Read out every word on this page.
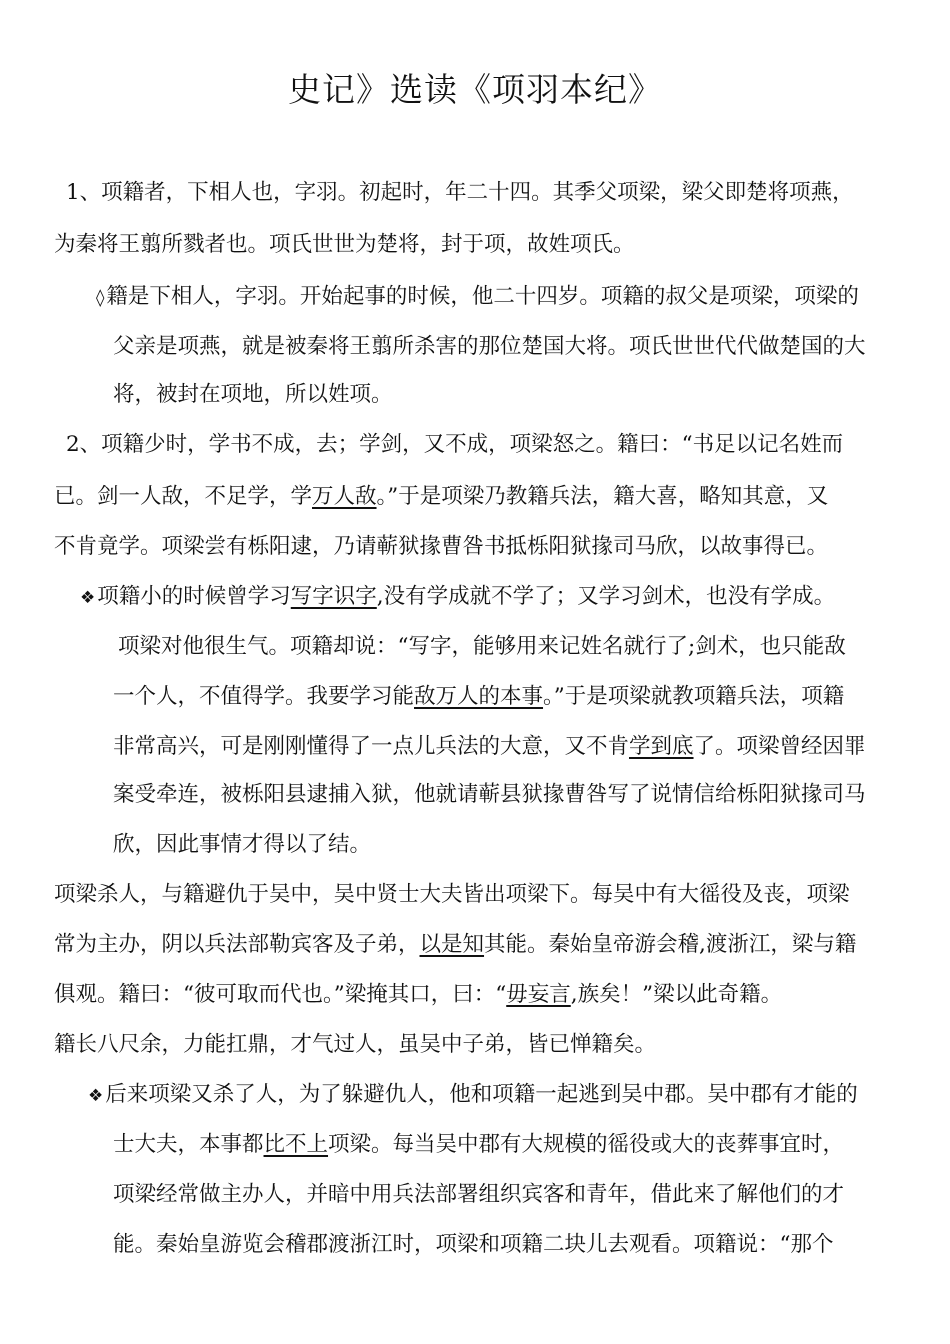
史记》选读《项羽本纪》
1、项籍者，下相人也，字羽。初起时，年二十四。其季父项梁，梁父即楚将项燕，
为秦将王翦所戮者也。项氏世世为楚将，封于项，故姓项氏。
◊籍是下相人，字羽。开始起事的时候，他二十四岁。项籍的叔父是项梁，项梁的
父亲是项燕，就是被秦将王翦所杀害的那位楚国大将。项氏世世代代做楚国的大
将，被封在项地，所以姓项。
2、项籍少时，学书不成，去；学剑，又不成，项梁怒之。籍曰：“书足以记名姓而
已。剑一人敌，不足学，学万人敌。”于是项梁乃教籍兵法，籍大喜，略知其意，又
不肯竟学。项梁尝有栎阳逮，乃请蕲狱掾曹咎书抵栎阳狱掾司马欣，以故事得已。
❖项籍小的时候曾学习写字识字,没有学成就不学了；又学习剑术，也没有学成。
项梁对他很生气。项籍却说：“写字，能够用来记姓名就行了;剑术，也只能敌
一个人，不值得学。我要学习能敌万人的本事。”于是项梁就教项籍兵法，项籍
非常高兴，可是刚刚懂得了一点儿兵法的大意，又不肯学到底了。项梁曾经因罪
案受牵连，被栎阳县逮捕入狱，他就请蕲县狱掾曹咎写了说情信给栎阳狱掾司马
欣，因此事情才得以了结。
项梁杀人，与籍避仇于吴中，吴中贤士大夫皆出项梁下。每吴中有大徭役及丧，项梁
常为主办，阴以兵法部勒宾客及子弟，以是知其能。秦始皇帝游会稽,渡浙江，梁与籍
俱观。籍曰：“彼可取而代也。”梁掩其口，曰：“毋妄言,族矣！”梁以此奇籍。
籍长八尺余，力能扛鼎，才气过人，虽吴中子弟，皆已惮籍矣。
❖后来项梁又杀了人，为了躲避仇人，他和项籍一起逃到吴中郡。吴中郡有才能的
士大夫，本事都比不上项梁。每当吴中郡有大规模的徭役或大的丧葬事宜时，
项梁经常做主办人，并暗中用兵法部署组织宾客和青年，借此来了解他们的才
能。秦始皇游览会稽郡渡浙江时，项梁和项籍二块儿去观看。项籍说：“那个
